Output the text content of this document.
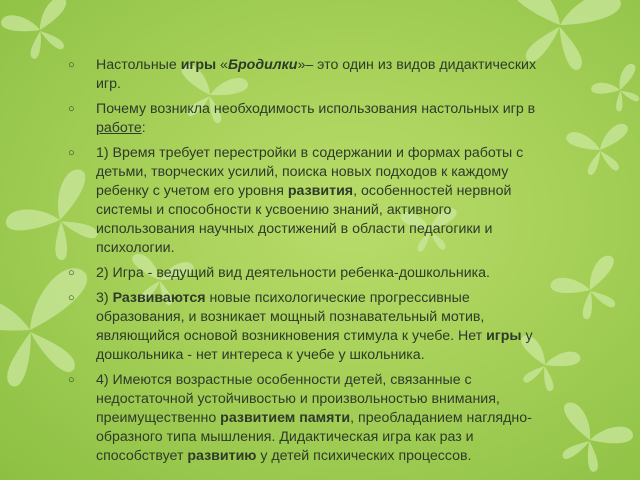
○ Настольные игры «Бродилки»– это один из видов дидактических игр.
○ Почему возникла необходимость использования настольных игр в работе:
○ 1) Время требует перестройки в содержании и формах работы с детьми, творческих усилий, поиска новых подходов к каждому ребенку с учетом его уровня развития, особенностей нервной системы и способности к усвоению знаний, активного использования научных достижений в области педагогики и психологии.
○ 2) Игра - ведущий вид деятельности ребенка-дошкольника.
○ 3) Развиваются новые психологические прогрессивные образования, и возникает мощный познавательный мотив, являющийся основой возникновения стимула к учебе. Нет игры у дошкольника - нет интереса к учебе у школьника.
○ 4) Имеются возрастные особенности детей, связанные с недостаточной устойчивостью и произвольностью внимания, преимущественно развитием памяти, преобладанием наглядно-образного типа мышления. Дидактическая игра как раз и способствует развитию у детей психических процессов.
